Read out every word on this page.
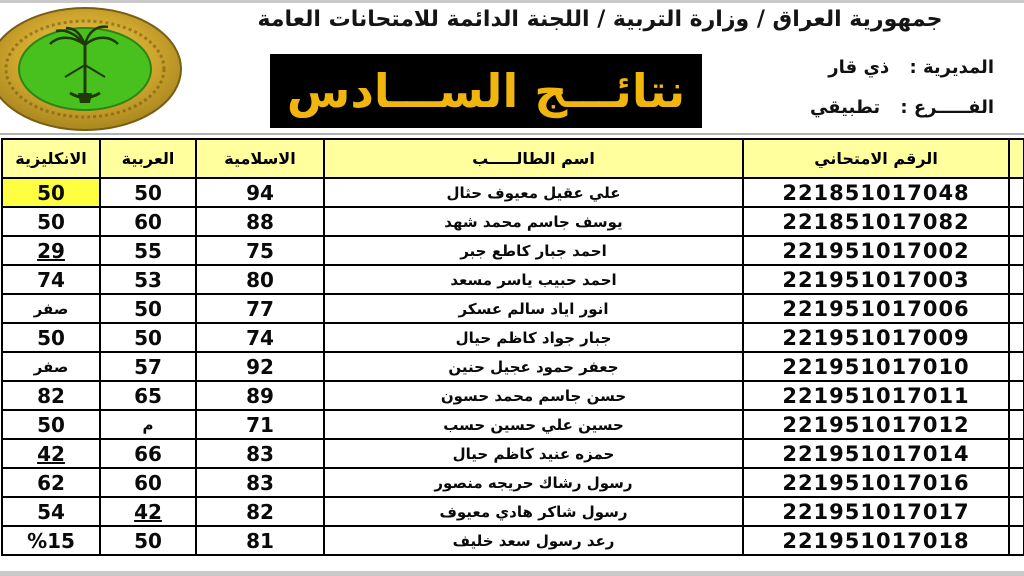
جمهورية العراق / وزارة التربية / اللجنة الدائمة للامتحانات العامة
نتائـــج الســـادس	المديرية : ذي قار
الفـــــرع : تطبيقي
	الرقم الامتحاني	اسم الطالـــــب	الاسلامية	العربية	الانكليزية
	221851017048	علي عقيل معيوف حثال	94	50	50
	221851017082	يوسف جاسم محمد شهد	88	60	50
	221951017002	احمد جبار كاطع جبر	75	55	29
	221951017003	احمد حبيب ياسر مسعد	80	53	74
	221951017006	انور اياد سالم عسكر	77	50	صفر
	221951017009	جبار جواد كاظم حيال	74	50	50
	221951017010	جعفر حمود عجيل حنين	92	57	صفر
	221951017011	حسن جاسم محمد حسون	89	65	82
	221951017012	حسين علي حسين حسب	71	م	50
	221951017014	حمزه عنيد كاظم حيال	83	66	42
	221951017016	رسول رشاك حريجه منصور	83	60	62
	221951017017	رسول شاكر هادي معيوف	82	42	54
	221951017018	رعد رسول سعد خليف	81	50	%15
